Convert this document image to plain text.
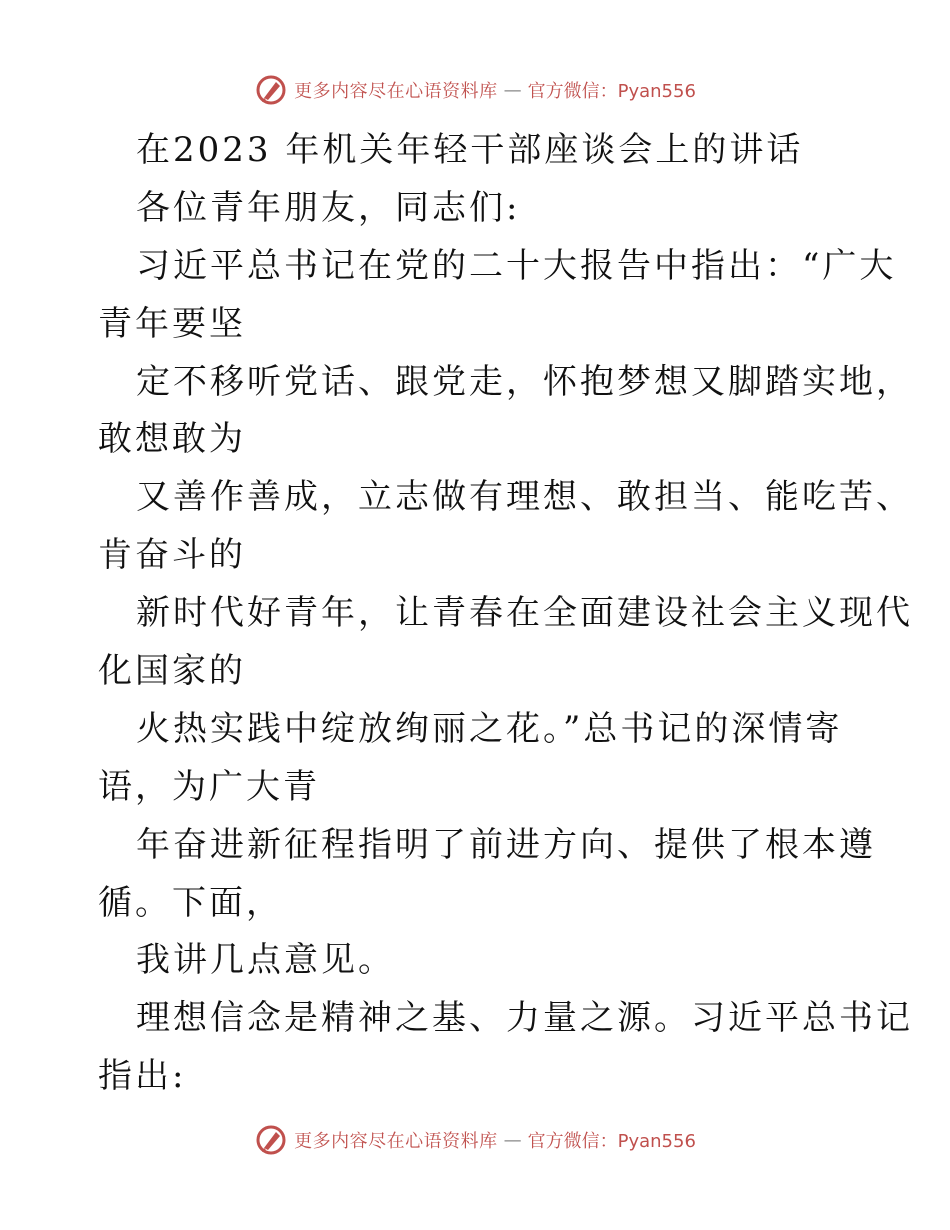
更多内容尽在心语资料库 — 官方微信：Pyan556
在2023 年机关年轻干部座谈会上的讲话
各位青年朋友，同志们:
习近平总书记在党的二十大报告中指出：“广大
青年要坚
定不移听党话、跟党走，怀抱梦想又脚踏实地，
敢想敢为
又善作善成，立志做有理想、敢担当、能吃苦、
肯奋斗的
新时代好青年，让青春在全面建设社会主义现代
化国家的
火热实践中绽放绚丽之花。”总书记的深情寄
语，为广大青
年奋进新征程指明了前进方向、提供了根本遵
循。下面，
我讲几点意见。
理想信念是精神之基、力量之源。习近平总书记
指出:
更多内容尽在心语资料库 — 官方微信：Pyan556
